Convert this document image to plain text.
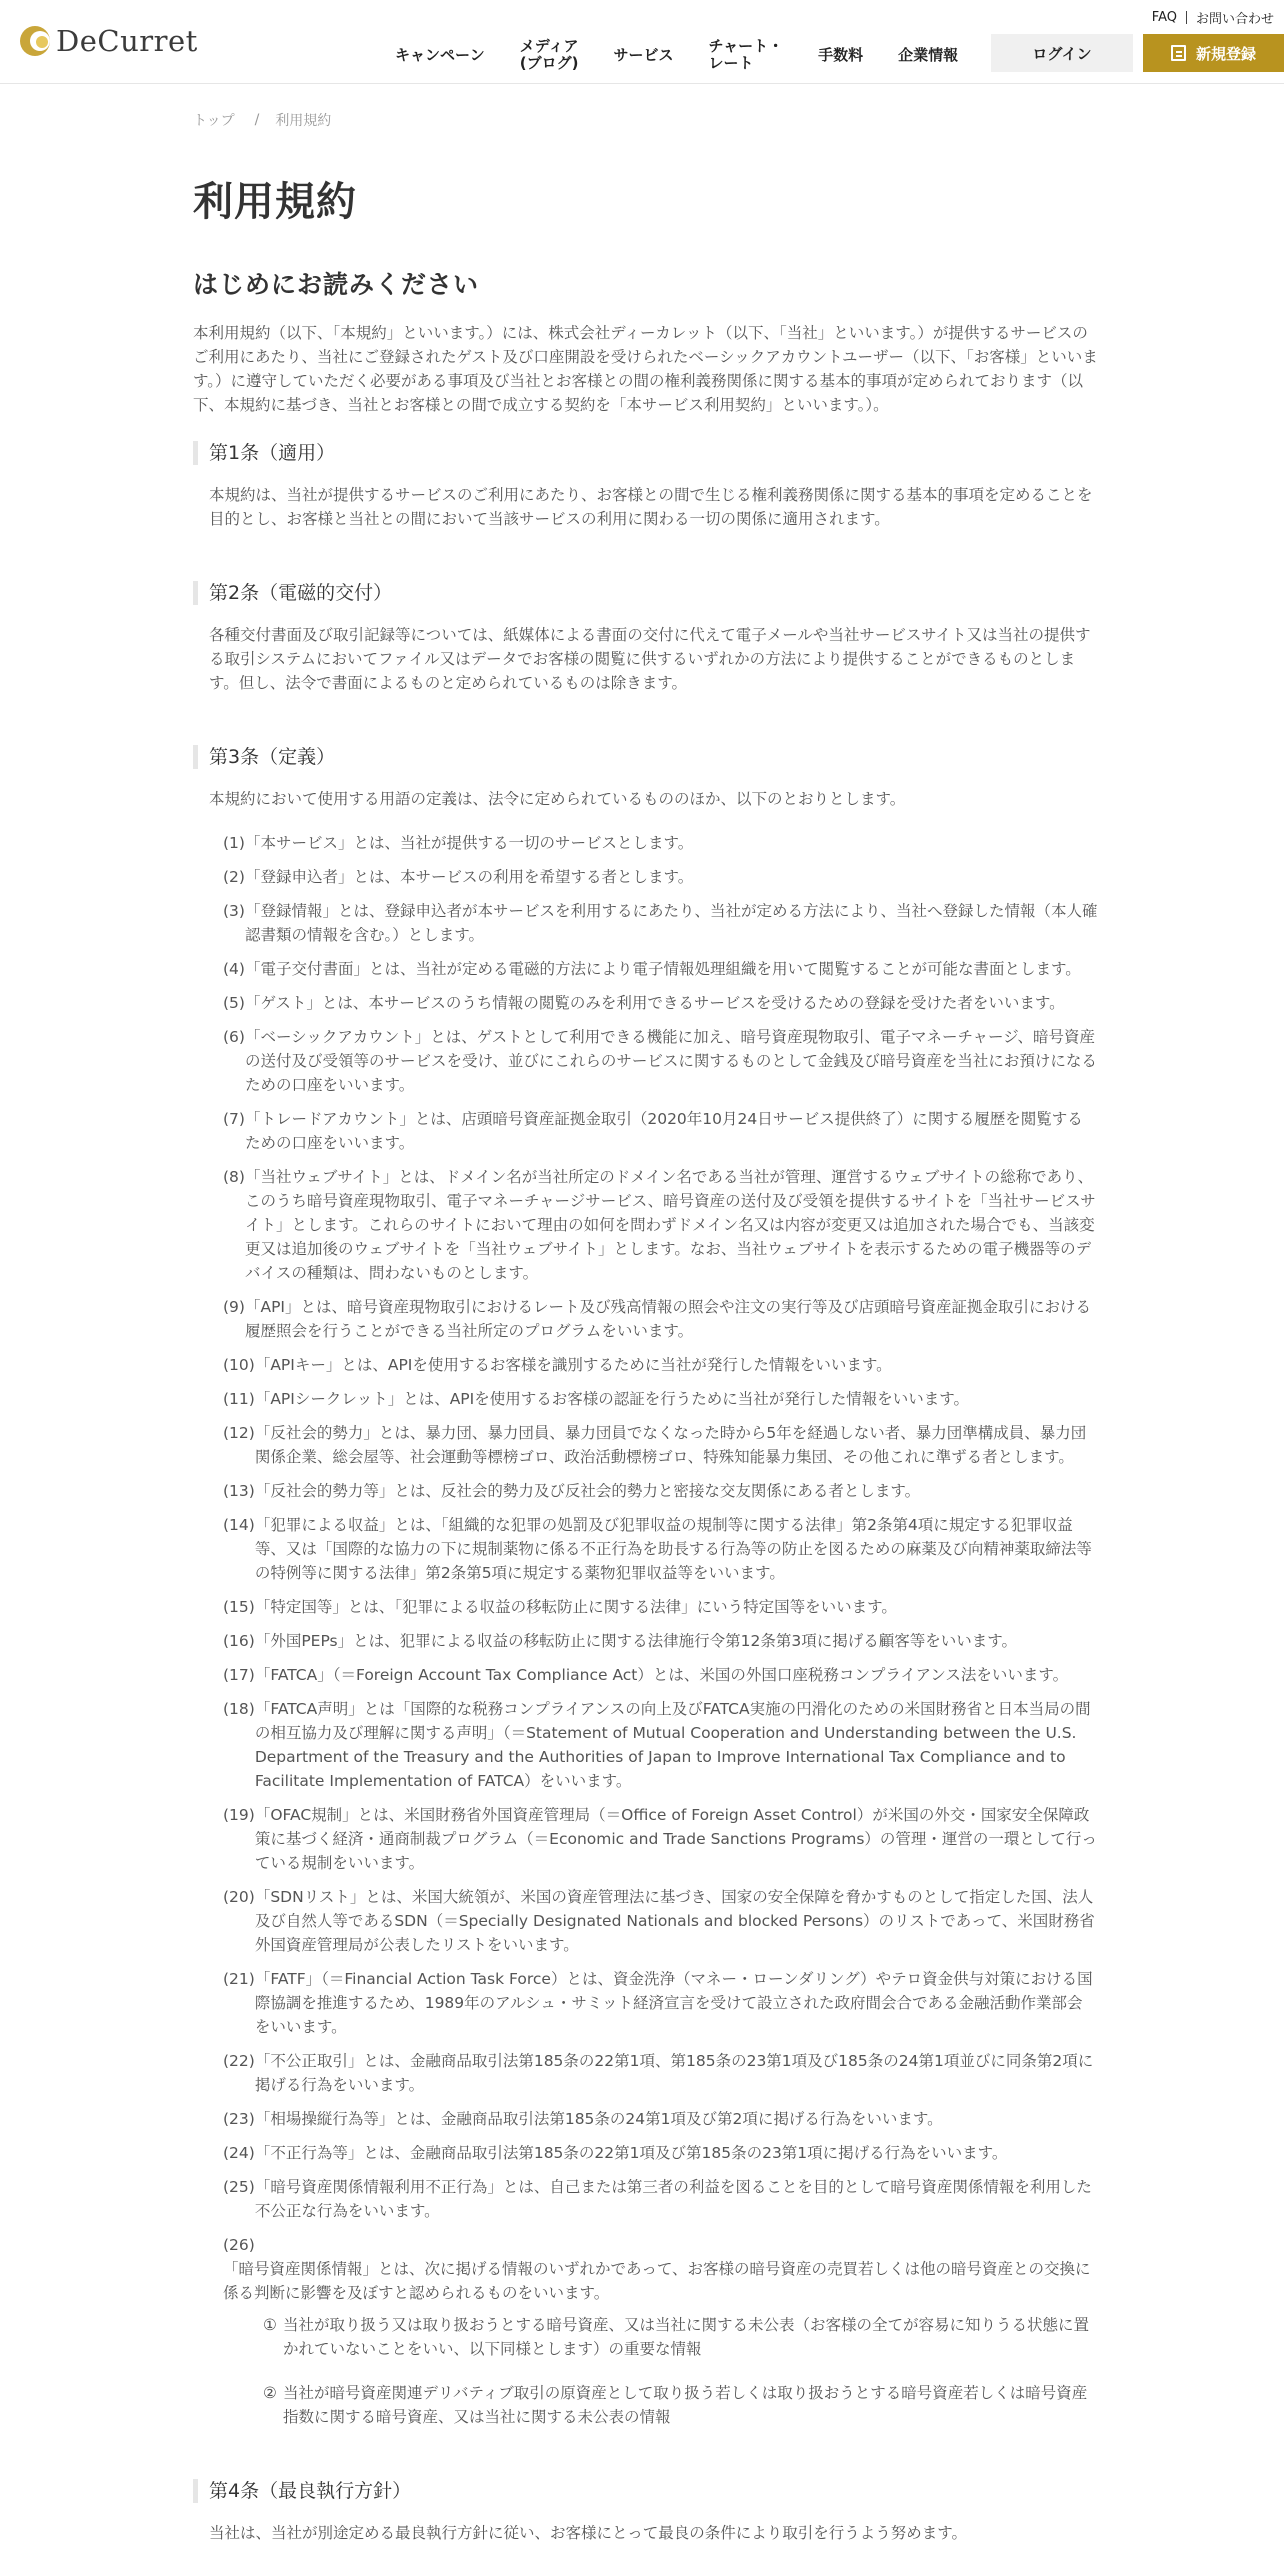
DeCurret
FAQ お問い合わせ
キャンペーン メディア
(ブログ) サービス チャート・
レート	手数料 企業情報	ログイン	新規登録
トップ / 利用規約
利用規約
はじめにお読みください

本利用規約（以下、「本規約」といいます。）には、株式会社ディーカレット（以下、「当社」といいます。）が提供するサービスのご利用にあたり、当社にご登録されたゲスト及び口座開設を受けられたベーシックアカウントユーザー（以下、「お客様」といいます。）に遵守していただく必要がある事項及び当社とお客様との間の権利義務関係に関する基本的事項が定められております（以下、本規約に基づき、当社とお客様との間で成立する契約を「本サービス利用契約」といいます。）。

第1条（適用）

本規約は、当社が提供するサービスのご利用にあたり、お客様との間で生じる権利義務関係に関する基本的事項を定めることを目的とし、お客様と当社との間において当該サービスの利用に関わる一切の関係に適用されます。

第2条（電磁的交付）

各種交付書面及び取引記録等については、紙媒体による書面の交付に代えて電子メールや当社サービスサイト又は当社の提供する取引システムにおいてファイル又はデータでお客様の閲覧に供するいずれかの方法により提供することができるものとします。但し、法令で書面によるものと定められているものは除きます。

第3条（定義）

本規約において使用する用語の定義は、法令に定められているもののほか、以下のとおりとします。

(1) 「本サービス」とは、当社が提供する一切のサービスとします。
(2) 「登録申込者」とは、本サービスの利用を希望する者とします。
(3) 「登録情報」とは、登録申込者が本サービスを利用するにあたり、当社が定める方法により、当社へ登録した情報（本人確認書類の情報を含む。）とします。
(4) 「電子交付書面」とは、当社が定める電磁的方法により電子情報処理組織を用いて閲覧することが可能な書面とします。
(5) 「ゲスト」とは、本サービスのうち情報の閲覧のみを利用できるサービスを受けるための登録を受けた者をいいます。
(6) 「ベーシックアカウント」とは、ゲストとして利用できる機能に加え、暗号資産現物取引、電子マネーチャージ、暗号資産の送付及び受領等のサービスを受け、並びにこれらのサービスに関するものとして金銭及び暗号資産を当社にお預けになるための口座をいいます。
(7) 「トレードアカウント」とは、店頭暗号資産証拠金取引（2020年10月24日サービス提供終了）に関する履歴を閲覧するための口座をいいます。
(8) 「当社ウェブサイト」とは、ドメイン名が当社所定のドメイン名である当社が管理、運営するウェブサイトの総称であり、このうち暗号資産現物取引、電子マネーチャージサービス、暗号資産の送付及び受領を提供するサイトを「当社サービスサイト」とします。これらのサイトにおいて理由の如何を問わずドメイン名又は内容が変更又は追加された場合でも、当該変更又は追加後のウェブサイトを「当社ウェブサイト」とします。なお、当社ウェブサイトを表示するための電子機器等のデバイスの種類は、問わないものとします。
(9) 「API」とは、暗号資産現物取引におけるレート及び残高情報の照会や注文の実行等及び店頭暗号資産証拠金取引における履歴照会を行うことができる当社所定のプログラムをいいます。
(10) 「APIキー」とは、APIを使用するお客様を識別するために当社が発行した情報をいいます。
(11) 「APIシークレット」とは、APIを使用するお客様の認証を行うために当社が発行した情報をいいます。
(12) 「反社会的勢力」とは、暴力団、暴力団員、暴力団員でなくなった時から5年を経過しない者、暴力団準構成員、暴力団関係企業、総会屋等、社会運動等標榜ゴロ、政治活動標榜ゴロ、特殊知能暴力集団、その他これに準ずる者とします。
(13) 「反社会的勢力等」とは、反社会的勢力及び反社会的勢力と密接な交友関係にある者とします。
(14) 「犯罪による収益」とは、「組織的な犯罪の処罰及び犯罪収益の規制等に関する法律」第2条第4項に規定する犯罪収益等、又は「国際的な協力の下に規制薬物に係る不正行為を助長する行為等の防止を図るための麻薬及び向精神薬取締法等の特例等に関する法律」第2条第5項に規定する薬物犯罪収益等をいいます。
(15) 「特定国等」とは、「犯罪による収益の移転防止に関する法律」にいう特定国等をいいます。
(16) 「外国PEPs」とは、犯罪による収益の移転防止に関する法律施行令第12条第3項に掲げる顧客等をいいます。
(17) 「FATCA」（＝Foreign Account Tax Compliance Act）とは、米国の外国口座税務コンプライアンス法をいいます。
(18) 「FATCA声明」とは「国際的な税務コンプライアンスの向上及びFATCA実施の円滑化のための米国財務省と日本当局の間の相互協力及び理解に関する声明」（＝Statement of Mutual Cooperation and Understanding between the U.S. Department of the Treasury and the Authorities of Japan to Improve International Tax Compliance and to Facilitate Implementation of FATCA）をいいます。
(19) 「OFAC規制」とは、米国財務省外国資産管理局（＝Office of Foreign Asset Control）が米国の外交・国家安全保障政策に基づく経済・通商制裁プログラム（＝Economic and Trade Sanctions Programs）の管理・運営の一環として行っている規制をいいます。
(20) 「SDNリスト」とは、米国大統領が、米国の資産管理法に基づき、国家の安全保障を脅かすものとして指定した国、法人及び自然人等であるSDN（＝Specially Designated Nationals and blocked Persons）のリストであって、米国財務省外国資産管理局が公表したリストをいいます。
(21) 「FATF」（＝Financial Action Task Force）とは、資金洗浄（マネー・ローンダリング）やテロ資金供与対策における国際協調を推進するため、1989年のアルシュ・サミット経済宣言を受けて設立された政府間会合である金融活動作業部会をいいます。
(22) 「不公正取引」とは、金融商品取引法第185条の22第1項、第185条の23第1項及び185条の24第1項並びに同条第2項に掲げる行為をいいます。
(23) 「相場操縦行為等」とは、金融商品取引法第185条の24第1項及び第2項に掲げる行為をいいます。
(24) 「不正行為等」とは、金融商品取引法第185条の22第1項及び第185条の23第1項に掲げる行為をいいます。
(25) 「暗号資産関係情報利用不正行為」とは、自己または第三者の利益を図ることを目的として暗号資産関係情報を利用した不公正な行為をいいます。
(26)
「暗号資産関係情報」とは、次に掲げる情報のいずれかであって、お客様の暗号資産の売買若しくは他の暗号資産との交換に係る判断に影響を及ぼすと認められるものをいいます。
① 当社が取り扱う又は取り扱おうとする暗号資産、又は当社に関する未公表（お客様の全てが容易に知りうる状態に置かれていないことをいい、以下同様とします）の重要な情報
② 当社が暗号資産関連デリバティブ取引の原資産として取り扱う若しくは取り扱おうとする暗号資産若しくは暗号資産指数に関する暗号資産、又は当社に関する未公表の情報
第4条（最良執行方針）

当社は、当社が別途定める最良執行方針に従い、お客様にとって最良の条件により取引を行うよう努めます。
